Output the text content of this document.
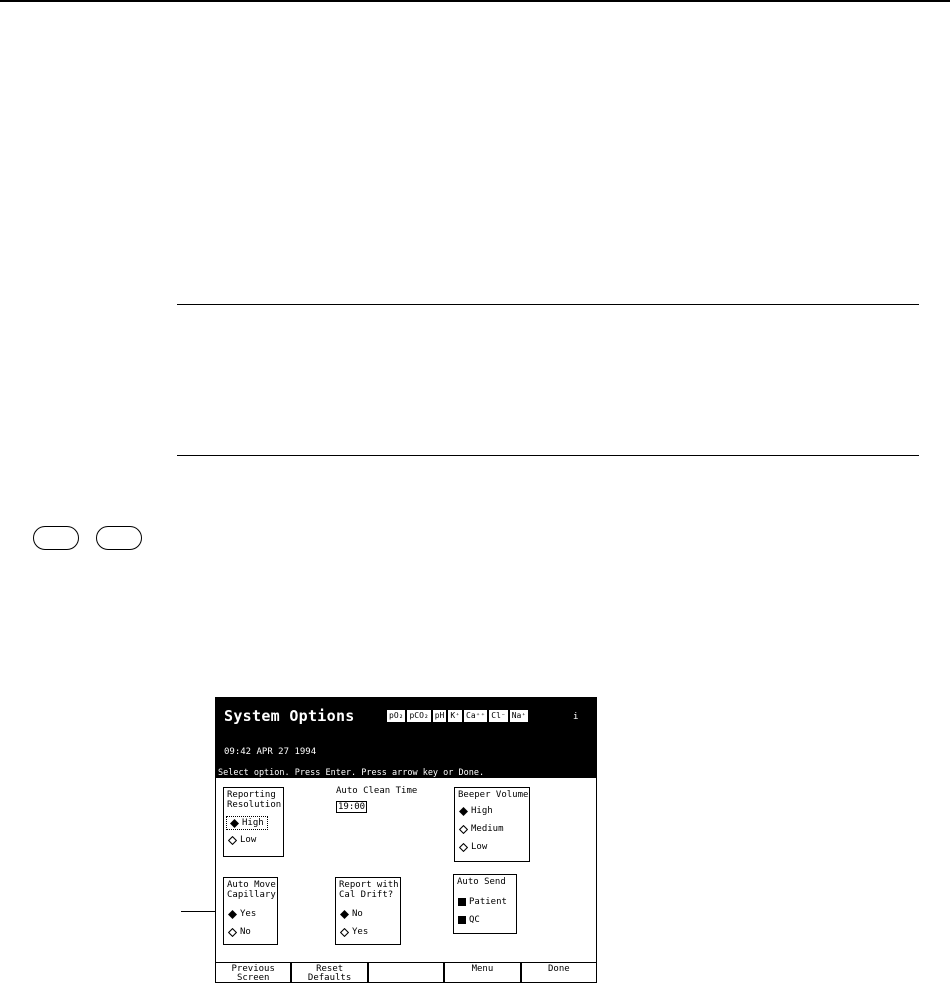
System Options	pO₂ pCO₂ pH K⁺ Ca⁺⁺ Cl⁻ Na⁺	i
09:42 APR 27 1994
Select option. Press Enter. Press arrow key or Done.
Reporting
Resolution
High
Low
Auto Clean Time
19:00
Beeper Volume
High
Medium
Low
Auto Move
Capillary
Yes
No
Report with
Cal Drift?
No
Yes
Auto Send
Patient
QC
Previous
Screen
Reset
Defaults
Menu	Done
